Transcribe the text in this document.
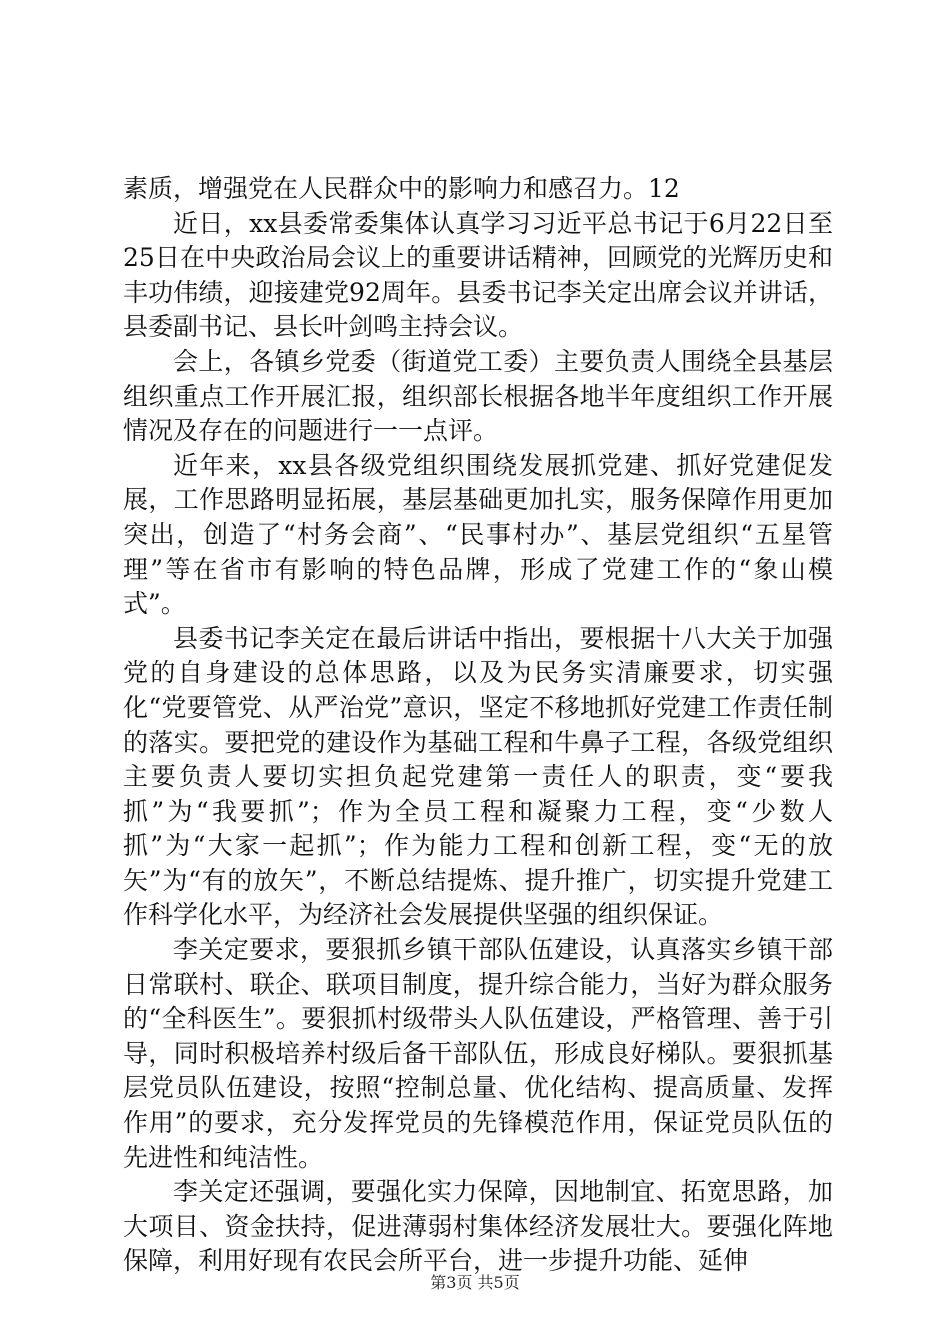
素质，增强党在人民群众中的影响力和感召力。12

近日，xx县委常委集体认真学习习近平总书记于6月22日至25日在中央政治局会议上的重要讲话精神，回顾党的光辉历史和丰功伟绩，迎接建党92周年。县委书记李关定出席会议并讲话，县委副书记、县长叶剑鸣主持会议。

会上，各镇乡党委（街道党工委）主要负责人围绕全县基层组织重点工作开展汇报，组织部长根据各地半年度组织工作开展情况及存在的问题进行一一点评。

近年来，xx县各级党组织围绕发展抓党建、抓好党建促发展，工作思路明显拓展，基层基础更加扎实，服务保障作用更加突出，创造了“村务会商”、“民事村办”、基层党组织“五星管理”等在省市有影响的特色品牌，形成了党建工作的“象山模式”。

县委书记李关定在最后讲话中指出，要根据十八大关于加强党的自身建设的总体思路，以及为民务实清廉要求，切实强化“党要管党、从严治党”意识，坚定不移地抓好党建工作责任制的落实。要把党的建设作为基础工程和牛鼻子工程，各级党组织主要负责人要切实担负起党建第一责任人的职责，变“要我抓”为“我要抓”；作为全员工程和凝聚力工程，变“少数人抓”为“大家一起抓”；作为能力工程和创新工程，变“无的放矢”为“有的放矢”，不断总结提炼、提升推广，切实提升党建工作科学化水平，为经济社会发展提供坚强的组织保证。

李关定要求，要狠抓乡镇干部队伍建设，认真落实乡镇干部日常联村、联企、联项目制度，提升综合能力，当好为群众服务的“全科医生”。要狠抓村级带头人队伍建设，严格管理、善于引导，同时积极培养村级后备干部队伍，形成良好梯队。要狠抓基层党员队伍建设，按照“控制总量、优化结构、提高质量、发挥作用”的要求，充分发挥党员的先锋模范作用，保证党员队伍的先进性和纯洁性。

李关定还强调，要强化实力保障，因地制宜、拓宽思路，加大项目、资金扶持，促进薄弱村集体经济发展壮大。要强化阵地保障，利用好现有农民会所平台，进一步提升功能、延伸

第3页 共5页
